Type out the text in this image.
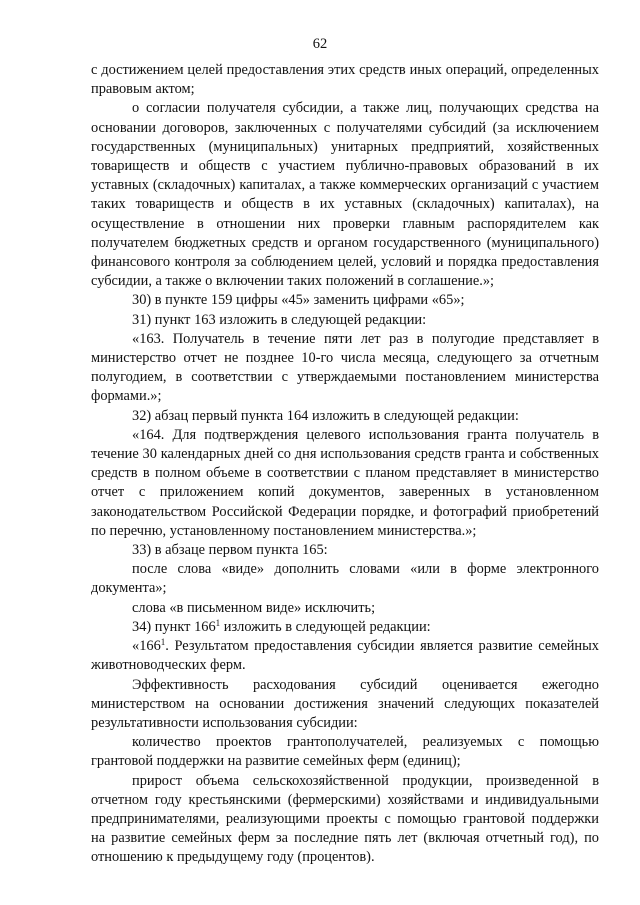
62

с достижением целей предоставления этих средств иных операций, определенных правовым актом;

о согласии получателя субсидии, а также лиц, получающих средства на основании договоров, заключенных с получателями субсидий (за исключением государственных (муниципальных) унитарных предприятий, хозяйственных товариществ и обществ с участием публично-правовых образований в их уставных (складочных) капиталах, а также коммерческих организаций с участием таких товариществ и обществ в их уставных (складочных) капиталах), на осуществление в отношении них проверки главным распорядителем как получателем бюджетных средств и органом государственного (муниципального) финансового контроля за соблюдением целей, условий и порядка предоставления субсидии, а также о включении таких положений в соглашение.»;

30) в пункте 159 цифры «45» заменить цифрами «65»;

31) пункт 163 изложить в следующей редакции:

«163. Получатель в течение пяти лет раз в полугодие представляет в министерство отчет не позднее 10-го числа месяца, следующего за отчетным полугодием, в соответствии с утверждаемыми постановлением министерства формами.»;

32) абзац первый пункта 164 изложить в следующей редакции:

«164. Для подтверждения целевого использования гранта получатель в течение 30 календарных дней со дня использования средств гранта и собственных средств в полном объеме в соответствии с планом представляет в министерство отчет с приложением копий документов, заверенных в установленном законодательством Российской Федерации порядке, и фотографий приобретений по перечню, установленному постановлением министерства.»;

33) в абзаце первом пункта 165:

после слова «виде» дополнить словами «или в форме электронного документа»;

слова «в письменном виде» исключить;

34) пункт $166^1$ изложить в следующей редакции:

«$166^1$. Результатом предоставления субсидии является развитие семейных животноводческих ферм.

Эффективность расходования субсидий оценивается ежегодно министерством на основании достижения значений следующих показателей результативности использования субсидии:

количество проектов грантополучателей, реализуемых с помощью грантовой поддержки на развитие семейных ферм (единиц);

прирост объема сельскохозяйственной продукции, произведенной в отчетном году крестьянскими (фермерскими) хозяйствами и индивидуальными предпринимателями, реализующими проекты с помощью грантовой поддержки на развитие семейных ферм за последние пять лет (включая отчетный год), по отношению к предыдущему году (процентов).
